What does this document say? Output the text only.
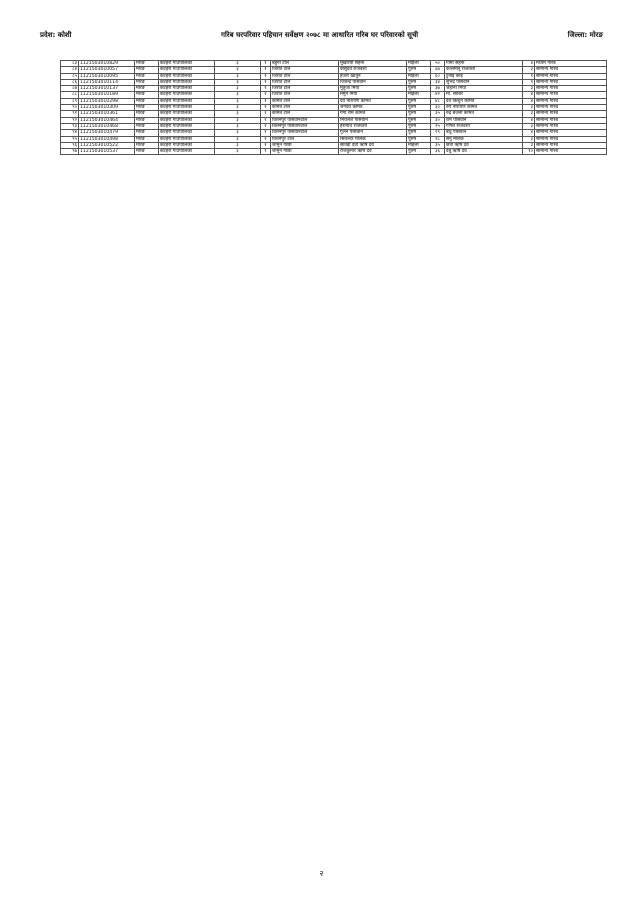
प्रदेश: कोशी	गरिब घरपरिवार पहिचान सर्वेक्षण २०७८ मा आधारित गरिब घर परिवारको सूची	जिल्ला: मोरङ
८३	1121503010829	मोरङ	कटहरी गाउँपालिका	३	१	बहुनी टोल	मुखेरिया सहनी	महिला	५०	गोमा सहनी	४	मध्यम गरिब
८४	1121503010057	मोरङ	कटहरी गाउँपालिका	३	१	जिरात टोल	बासुदेव राजवंशी	पुरुष	६७	कालमोनु राजवंशी	३	सामान्य गरिब
८५	1121503010095	मोरङ	कटहरी गाउँपालिका	३	१	जिरात टोल	हजरा खातुन	महिला	६०	टुनाई कोइ	१	सामान्य गरिब
८६	1121503010114	मोरङ	कटहरी गाउँपालिका	३	१	जिरात टोल	जितेन्द्र पासवान	पुरुष	३४	सुभद्रे पासवान	१	सामान्य गरिब
८७	1121503010137	मोरङ	कटहरी गाउँपालिका	३	१	जिरात टोल	मुर्तुजा मिया	पुरुष	३७	जहानो मिया	३	सामान्य गरिब
८८	1121503010189	मोरङ	कटहरी गाउँपालिका	३	१	जिरात टोल	मैमुन मिया	महिला	४२	मो. साबिर	४	सामान्य गरिब
८९	1121503010298	मोरङ	कटहरी गाउँपालिका	३	१	कामत टोल	देव नारायण कामत	पुरुष	४८	देव किशुन कामत	४	सामान्य गरिब
९०	1121503010309	मोरङ	कटहरी गाउँपालिका	३	१	कामत टोल	जगदेव कामत	पुरुष	३०	रुप नारायण कामत	३	सामान्य गरिब
९१	1121503010361	मोरङ	कटहरी गाउँपालिका	३	१	कामत टोल	गंगा राम कामत	पुरुष	३५	रुद्र बैजनी कामत	३	सामान्य गरिब
९२	1121503010464	मोरङ	कटहरी गाउँपालिका	३	१	विशनपुर पासवानटोल	मिथलेश पासवान	पुरुष	३०	राम पासवान	४	सामान्य गरिब
९३	1121503010468	मोरङ	कटहरी गाउँपालिका	३	१	विशनपुर पासवानटोल	हरानाथ राजवंशी	पुरुष	२५	गणेश राजवंशी	३	सामान्य गरिब
९४	1121503010479	मोरङ	कटहरी गाउँपालिका	३	१	विशनपुर पासवानटोल	गुलेन पासवान	पुरुष	२९	बेचु पासवान	४	सामान्य गरिब
९५	1121503010498	मोरङ	कटहरी गाउँपालिका	३	१	विशनपुर टोल	सिकेन्दर मलिक	पुरुष	२८	सनु मलिक	३	सामान्य गरिब
९६	1121503010522	मोरङ	कटहरी गाउँपालिका	३	१	जामुन गाछी	सावड़ी देवी ऋषि देव	महिला	३५	छत्री ऋषि देव	३	सामान्य गरिब
९७	1121503010537	मोरङ	कटहरी गाउँपालिका	३	१	जामुन गाछी	राजकुमार ऋषि देव	पुरुष	३६	देबु ऋषि देव	१०	सामान्य गरिब
२
